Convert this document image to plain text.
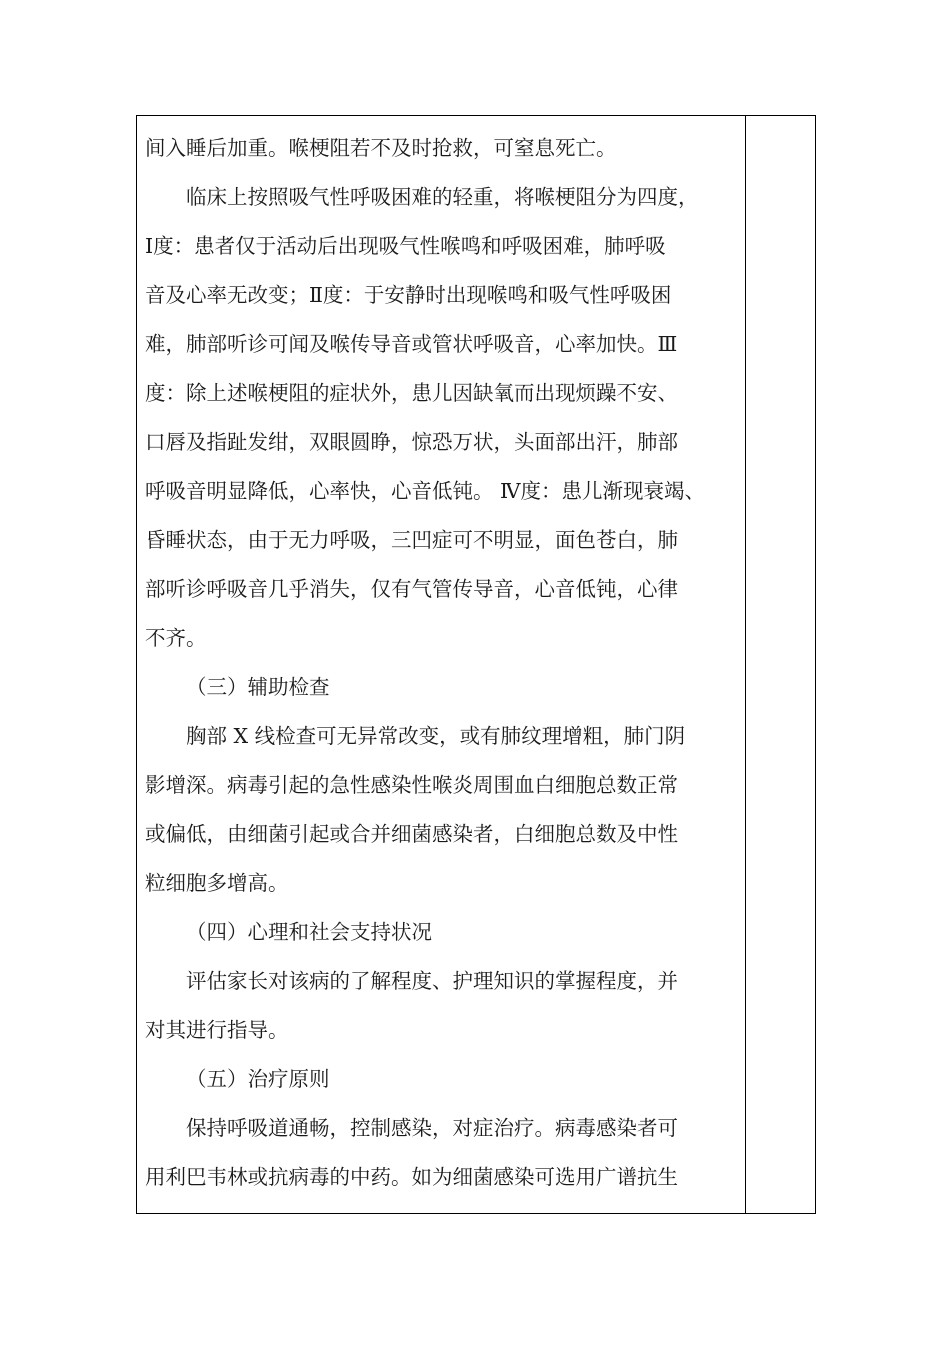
间入睡后加重。喉梗阻若不及时抢救，可窒息死亡。
临床上按照吸气性呼吸困难的轻重，将喉梗阻分为四度，
Ⅰ度：患者仅于活动后出现吸气性喉鸣和呼吸困难，肺呼吸
音及心率无改变；Ⅱ度：于安静时出现喉鸣和吸气性呼吸困
难，肺部听诊可闻及喉传导音或管状呼吸音，心率加快。Ⅲ
度：除上述喉梗阻的症状外，患儿因缺氧而出现烦躁不安、
口唇及指趾发绀，双眼圆睁，惊恐万状，头面部出汗，肺部
呼吸音明显降低，心率快，心音低钝。 Ⅳ度：患儿渐现衰竭、
昏睡状态，由于无力呼吸，三凹症可不明显，面色苍白，肺
部听诊呼吸音几乎消失，仅有气管传导音，心音低钝，心律
不齐。
（三）辅助检查
胸部 X 线检查可无异常改变，或有肺纹理增粗，肺门阴
影增深。病毒引起的急性感染性喉炎周围血白细胞总数正常
或偏低，由细菌引起或合并细菌感染者，白细胞总数及中性
粒细胞多增高。
（四）心理和社会支持状况
评估家长对该病的了解程度、护理知识的掌握程度，并
对其进行指导。
（五）治疗原则
保持呼吸道通畅，控制感染，对症治疗。病毒感染者可
用利巴韦林或抗病毒的中药。如为细菌感染可选用广谱抗生
